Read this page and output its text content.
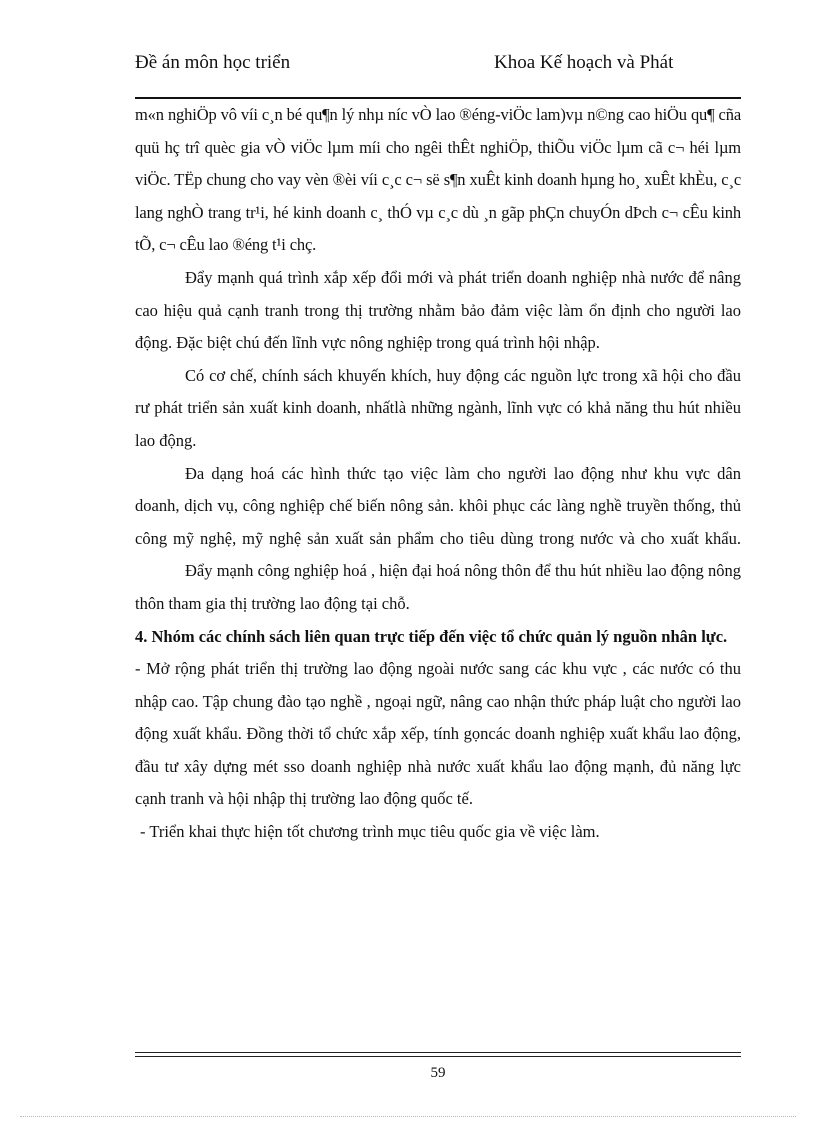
Đề án môn học triển	Khoa Kế hoạch và Phát

m«n nghiÖp vô víi c¸n bé qu¶n lý nhµ níc vÒ lao ®éng-viÖc lam)vµ n©ng cao hiÖu qu¶ cña quü hç trî quèc gia vÒ viÖc lµm míi cho ngêi thÊt nghiÖp, thiÕu viÖc lµm cã c¬ héi lµm viÖc. TËp chung cho vay vèn ®èi víi c¸c c¬ së s¶n xuÊt kinh doanh hµng ho¸ xuÊt khÈu, c¸c lang nghÒ trang tr¹i, hé kinh doanh c¸ thÓ vµ c¸c dù ¸n gãp phÇn chuyÓn dÞch c¬ cÊu kinh tÕ, c¬ cÊu lao ®éng t¹i chç.

Đẩy mạnh quá trình xắp xếp đổi mới và phát triển doanh nghiệp nhà nước để nâng cao hiệu quả cạnh tranh trong thị trường nhằm bảo đảm việc làm ổn định cho người lao động. Đặc biệt chú đến lĩnh vực nông nghiệp trong quá trình hội nhập.

Có cơ chế, chính sách khuyến khích, huy động các nguồn lực trong xã hội cho đầu rư phát triển sản xuất kinh doanh, nhấtlà những ngành, lĩnh vực có khả năng thu hút nhiều lao động.

Đa dạng hoá các hình thức tạo việc làm cho người lao động như khu vực dân doanh, dịch vụ, công nghiệp chế biến nông sản. khôi phục các làng nghề truyền thống, thủ công mỹ nghệ, mỹ nghệ sản xuất sản phẩm cho tiêu dùng trong nước và cho xuất khẩu.

Đẩy mạnh công nghiệp hoá , hiện đại hoá nông thôn để thu hút nhiều lao động nông thôn tham gia thị trường lao động tại chỗ.

4. Nhóm các chính sách liên quan trực tiếp đến việc tổ chức quản lý nguồn nhân lực.

- Mở rộng phát triển thị trường lao động ngoài nước sang các khu vực , các nước có thu nhập cao. Tập chung đào tạo nghề , ngoại ngữ, nâng cao nhận thức pháp luật cho người lao động xuất khẩu. Đồng thời tổ chức xắp xếp, tính gọncác doanh nghiệp xuất khẩu lao động, đầu tư xây dựng mét sso doanh nghiệp nhà nước xuất khẩu lao động mạnh, đủ năng lực cạnh tranh và hội nhập thị trường lao động quốc tế.

- Triển khai thực hiện tốt chương trình mục tiêu quốc gia về việc làm.

59
